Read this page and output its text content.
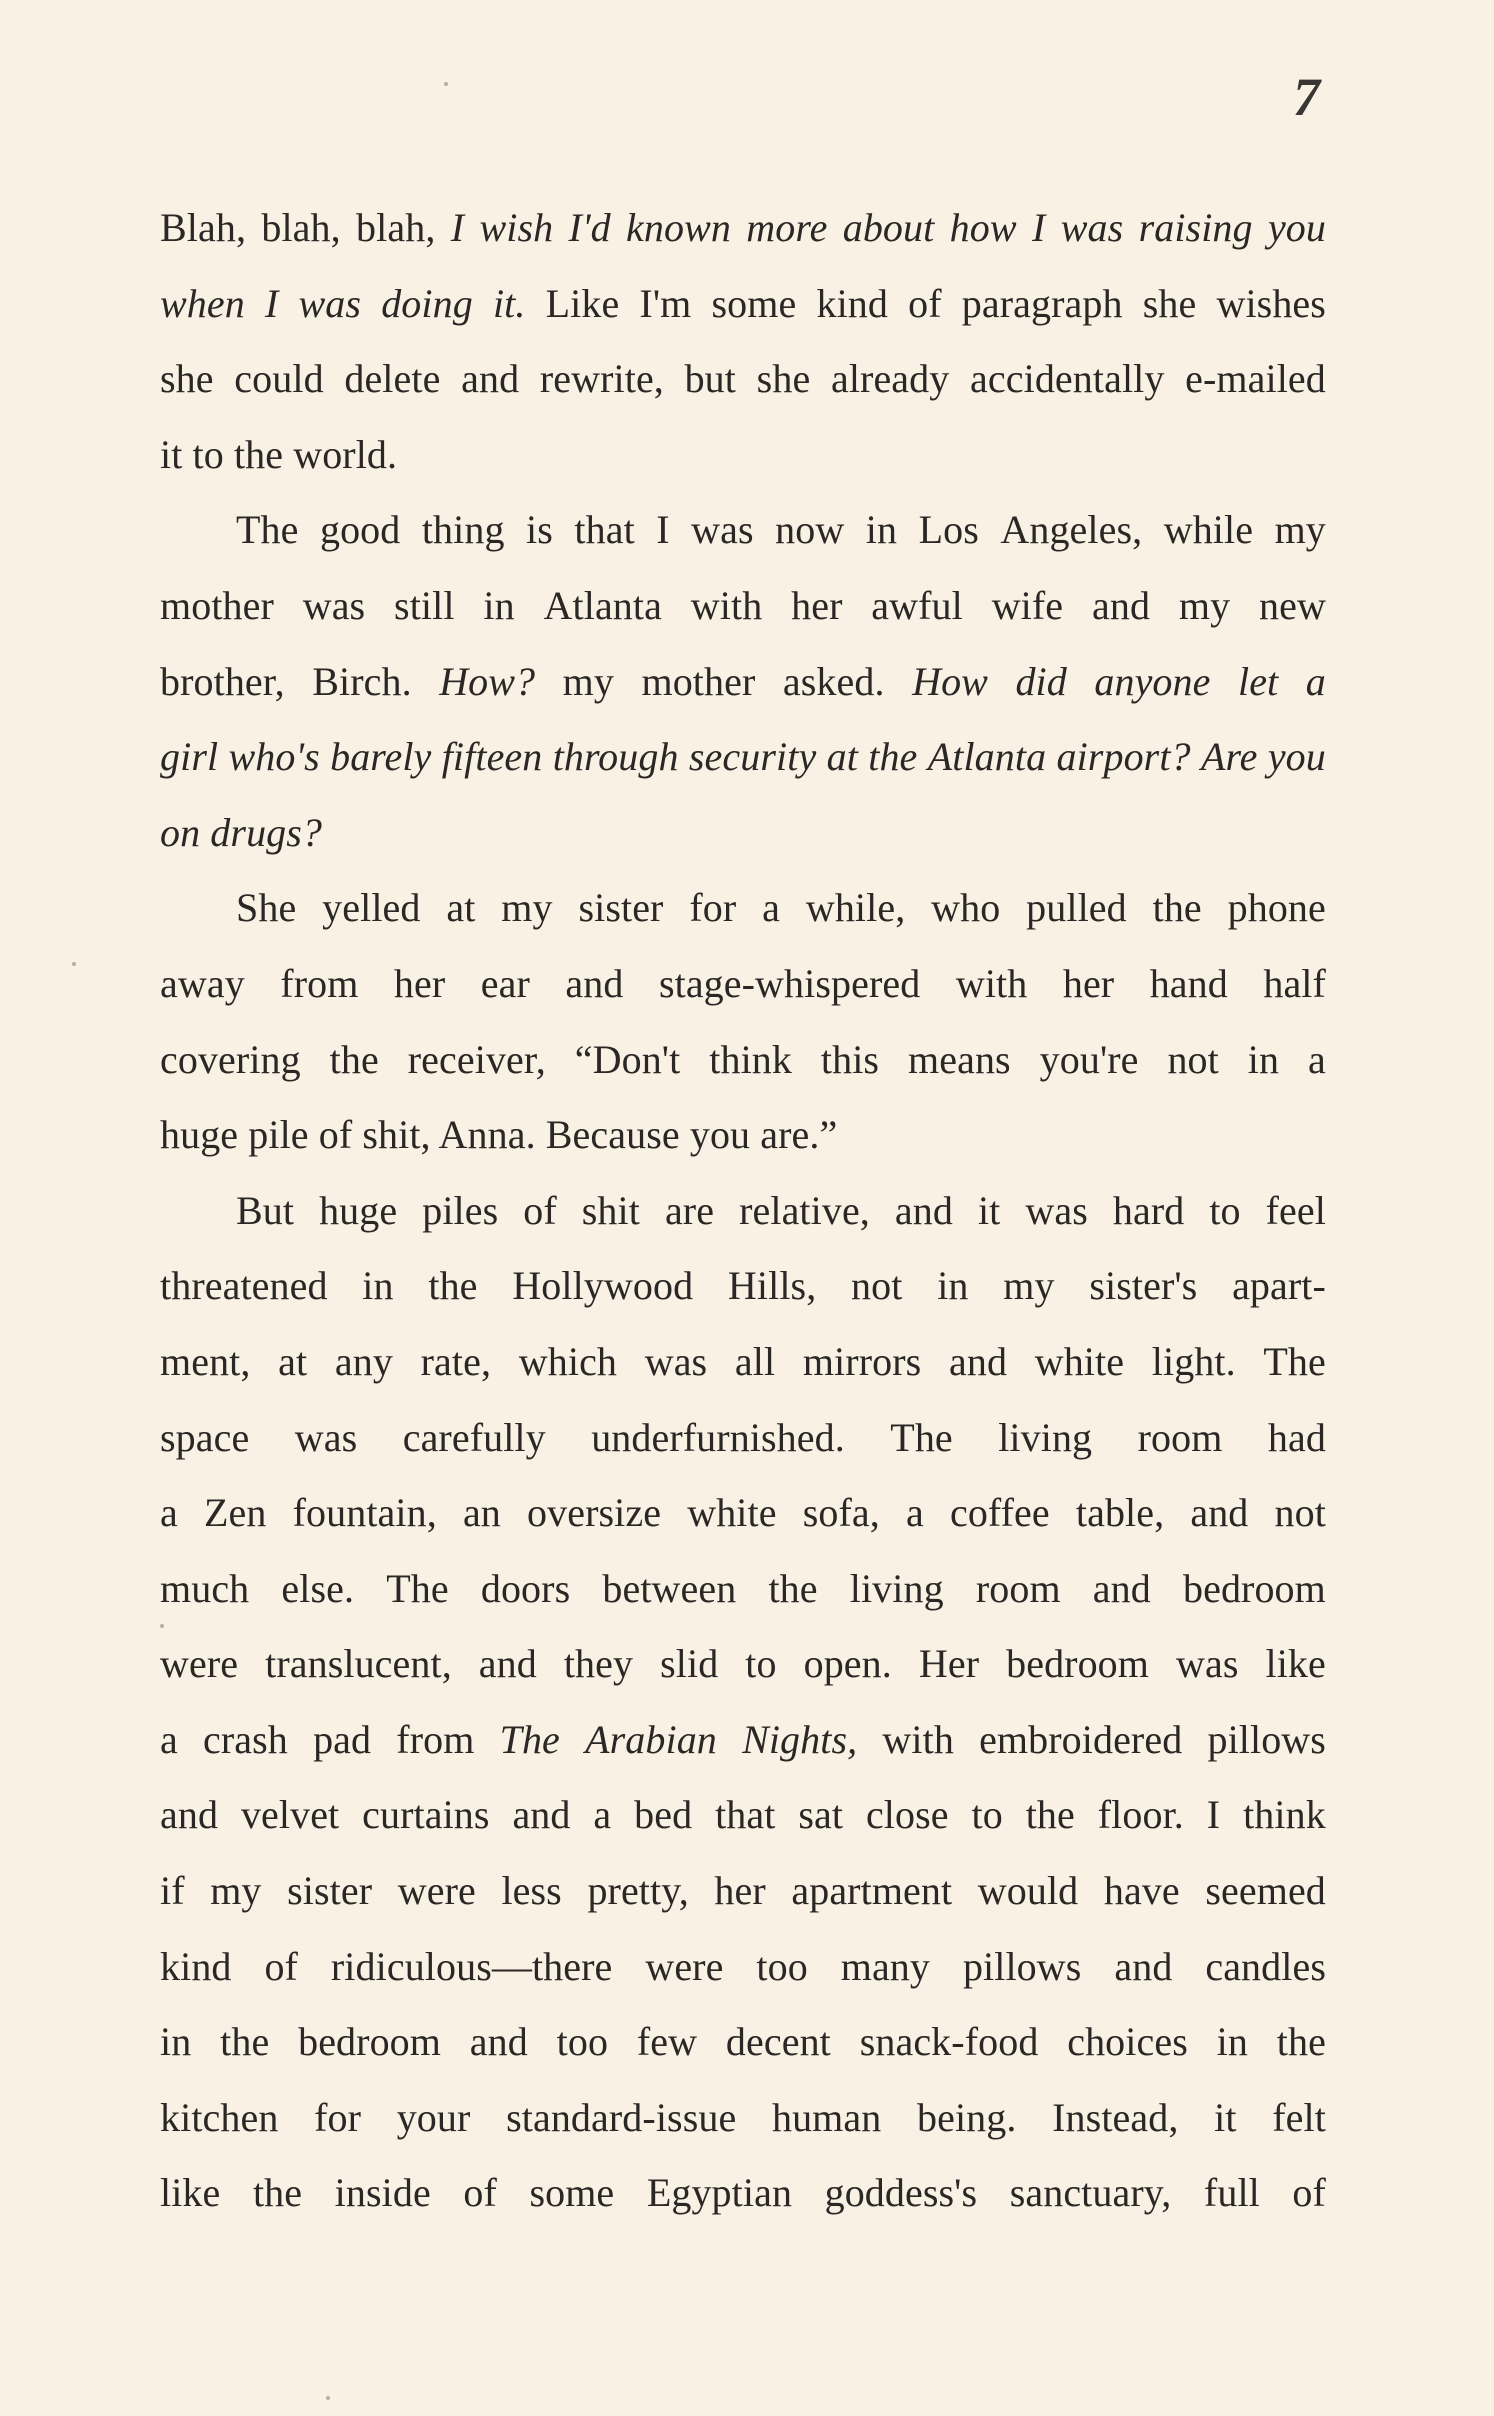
7
Blah, blah, blah, I wish I'd known more about how I was raising you
when I was doing it. Like I'm some kind of paragraph she wishes
she could delete and rewrite, but she already accidentally e-mailed
it to the world.
The good thing is that I was now in Los Angeles, while my
mother was still in Atlanta with her awful wife and my new
brother, Birch. How? my mother asked. How did anyone let a
girl who's barely fifteen through security at the Atlanta airport? Are you
on drugs?
She yelled at my sister for a while, who pulled the phone
away from her ear and stage-whispered with her hand half
covering the receiver, “Don't think this means you're not in a
huge pile of shit, Anna. Because you are.”
But huge piles of shit are relative, and it was hard to feel
threatened in the Hollywood Hills, not in my sister's apart-
ment, at any rate, which was all mirrors and white light. The
space was carefully underfurnished. The living room had
a Zen fountain, an oversize white sofa, a coffee table, and not
much else. The doors between the living room and bedroom
were translucent, and they slid to open. Her bedroom was like
a crash pad from The Arabian Nights, with embroidered pillows
and velvet curtains and a bed that sat close to the floor. I think
if my sister were less pretty, her apartment would have seemed
kind of ridiculous—there were too many pillows and candles
in the bedroom and too few decent snack-food choices in the
kitchen for your standard-issue human being. Instead, it felt
like the inside of some Egyptian goddess's sanctuary, full of
